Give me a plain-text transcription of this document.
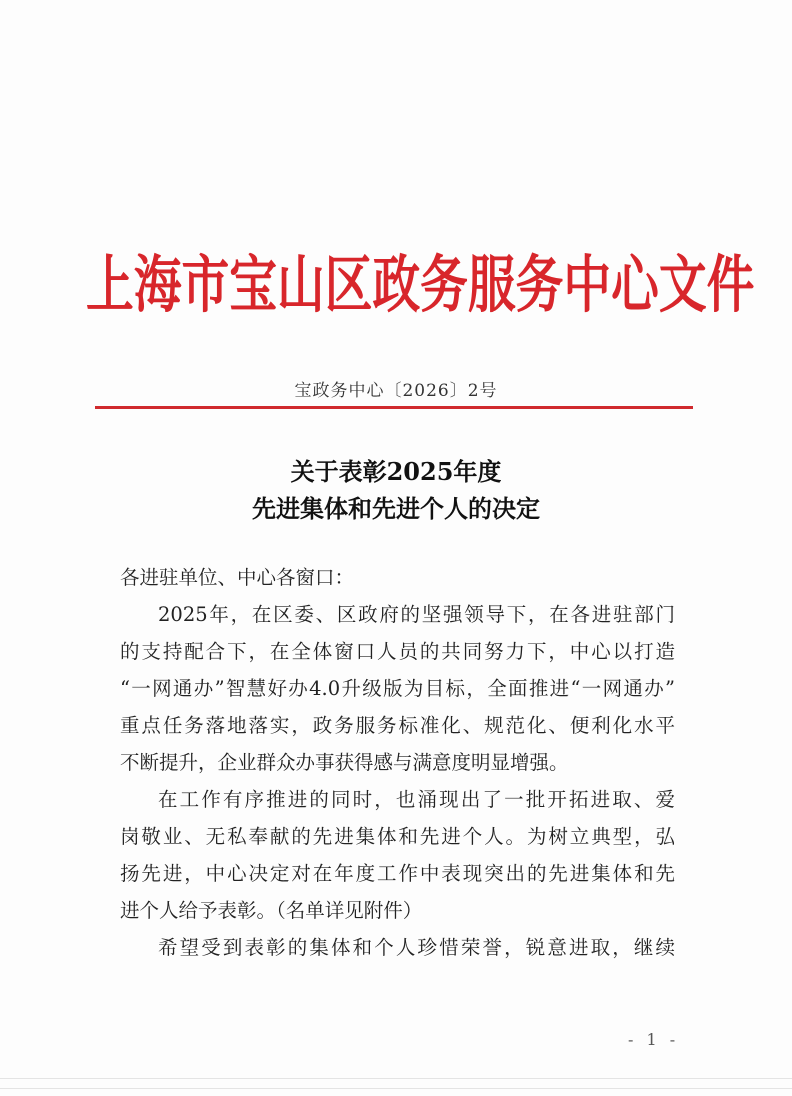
上海市宝山区政务服务中心文件
宝政务中心〔2026〕2号
关于表彰2025年度
先进集体和先进个人的决定
各进驻单位、中心各窗口：
2025年，在区委、区政府的坚强领导下，在各进驻部门
的支持配合下，在全体窗口人员的共同努力下，中心以打造
“一网通办”智慧好办4.0升级版为目标，全面推进“一网通办”
重点任务落地落实，政务服务标准化、规范化、便利化水平
不断提升，企业群众办事获得感与满意度明显增强。
在工作有序推进的同时，也涌现出了一批开拓进取、爱
岗敬业、无私奉献的先进集体和先进个人。为树立典型，弘
扬先进，中心决定对在年度工作中表现突出的先进集体和先
进个人给予表彰。（名单详见附件）
希望受到表彰的集体和个人珍惜荣誉，锐意进取，继续
- 1 -
